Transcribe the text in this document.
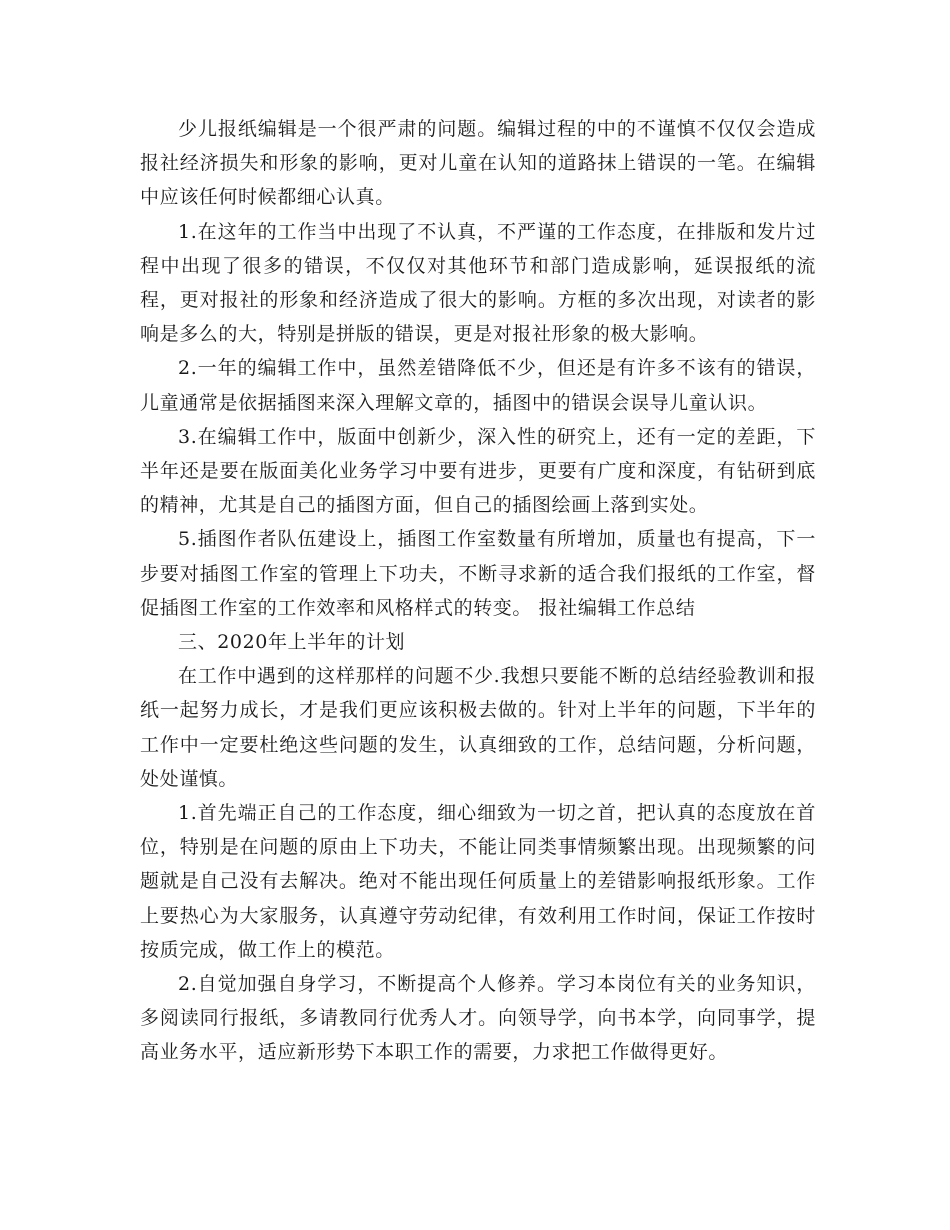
少儿报纸编辑是一个很严肃的问题。编辑过程的中的不谨慎不仅仅会造成报社经济损失和形象的影响，更对儿童在认知的道路抹上错误的一笔。在编辑中应该任何时候都细心认真。

1.在这年的工作当中出现了不认真，不严谨的工作态度，在排版和发片过程中出现了很多的错误，不仅仅对其他环节和部门造成影响，延误报纸的流程，更对报社的形象和经济造成了很大的影响。方框的多次出现，对读者的影响是多么的大，特别是拼版的错误，更是对报社形象的极大影响。

2.一年的编辑工作中，虽然差错降低不少，但还是有许多不该有的错误，儿童通常是依据插图来深入理解文章的，插图中的错误会误导儿童认识。

3.在编辑工作中，版面中创新少，深入性的研究上，还有一定的差距，下半年还是要在版面美化业务学习中要有进步，更要有广度和深度，有钻研到底的精神，尤其是自己的插图方面，但自己的插图绘画上落到实处。

5.插图作者队伍建设上，插图工作室数量有所增加，质量也有提高，下一步要对插图工作室的管理上下功夫，不断寻求新的适合我们报纸的工作室，督促插图工作室的工作效率和风格样式的转变。 报社编辑工作总结

三、2020年上半年的计划

在工作中遇到的这样那样的问题不少.我想只要能不断的总结经验教训和报纸一起努力成长，才是我们更应该积极去做的。针对上半年的问题，下半年的工作中一定要杜绝这些问题的发生，认真细致的工作，总结问题，分析问题，处处谨慎。

1.首先端正自己的工作态度，细心细致为一切之首，把认真的态度放在首位，特别是在问题的原由上下功夫，不能让同类事情频繁出现。出现频繁的问题就是自己没有去解决。绝对不能出现任何质量上的差错影响报纸形象。工作上要热心为大家服务，认真遵守劳动纪律，有效利用工作时间，保证工作按时按质完成，做工作上的模范。

2.自觉加强自身学习，不断提高个人修养。学习本岗位有关的业务知识，多阅读同行报纸，多请教同行优秀人才。向领导学，向书本学，向同事学，提高业务水平，适应新形势下本职工作的需要，力求把工作做得更好。
